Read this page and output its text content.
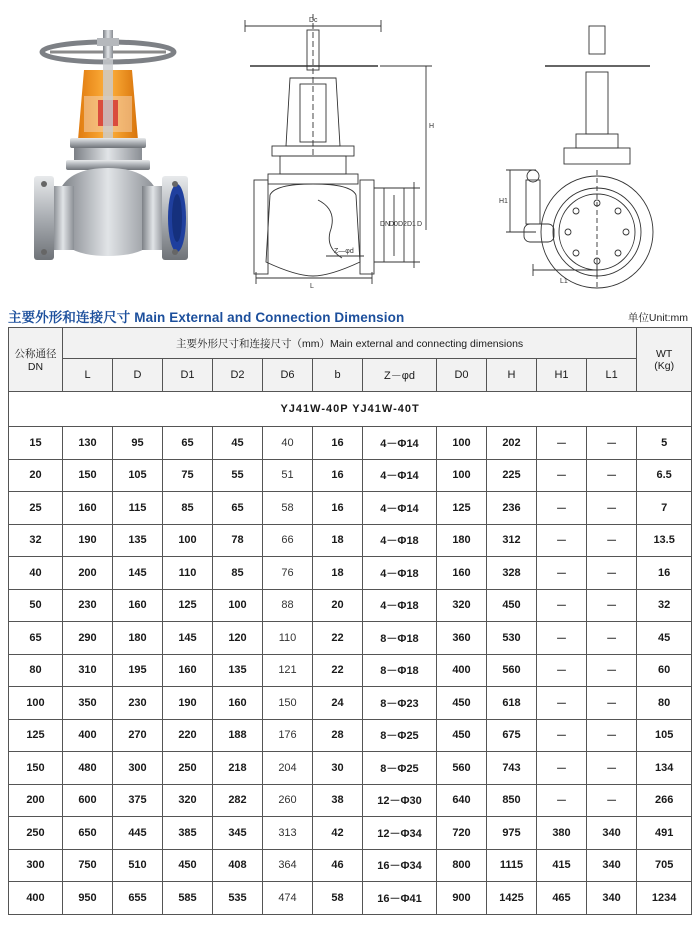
Dc
L
H
DN
D0 D2 D1 D
Z—φd
H1
L1
主要外形和连接尺寸 Main External and Connection Dimension	单位Unit:mm
公称通径
DN	主要外形尺寸和连接尺寸（mm）Main external and connecting dimensions											WT
(Kg)
	L	D	D1	D2	D6	b	Z－φd	D0	H	H1	L1	
YJ41W-40P YJ41W-40T												
15	130	95	65	45	40	16	4－Φ14	100	202	－	－	5
20	150	105	75	55	51	16	4－Φ14	100	225	－	－	6.5
25	160	115	85	65	58	16	4－Φ14	125	236	－	－	7
32	190	135	100	78	66	18	4－Φ18	180	312	－	－	13.5
40	200	145	110	85	76	18	4－Φ18	160	328	－	－	16
50	230	160	125	100	88	20	4－Φ18	320	450	－	－	32
65	290	180	145	120	110	22	8－Φ18	360	530	－	－	45
80	310	195	160	135	121	22	8－Φ18	400	560	－	－	60
100	350	230	190	160	150	24	8－Φ23	450	618	－	－	80
125	400	270	220	188	176	28	8－Φ25	450	675	－	－	105
150	480	300	250	218	204	30	8－Φ25	560	743	－	－	134
200	600	375	320	282	260	38	12－Φ30	640	850	－	－	266
250	650	445	385	345	313	42	12－Φ34	720	975	380	340	491
300	750	510	450	408	364	46	16－Φ34	800	1115	415	340	705
400	950	655	585	535	474	58	16－Φ41	900	1425	465	340	1234
